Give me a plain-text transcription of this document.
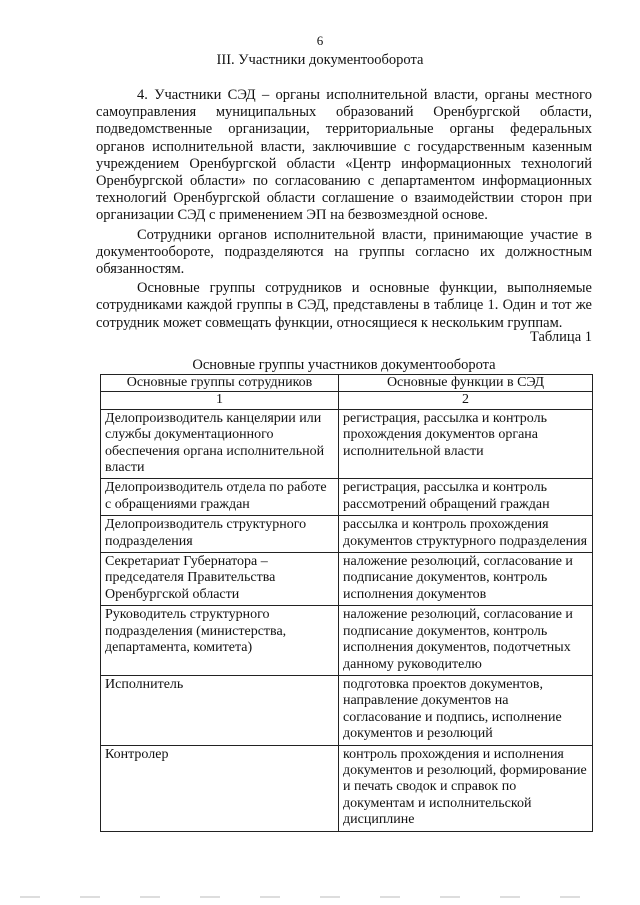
6
III. Участники документооборота

4. Участники СЭД – органы исполнительной власти, органы местного самоуправления муниципальных образований Оренбургской области, подведомственные организации, территориальные органы федеральных органов исполнительной власти, заключившие с государственным казенным учреждением Оренбургской области «Центр информационных технологий Оренбургской области» по согласованию с департаментом информационных технологий Оренбургской области соглашение о взаимодействии сторон при организации СЭД с применением ЭП на безвозмездной основе.

Сотрудники органов исполнительной власти, принимающие участие в документообороте, подразделяются на группы согласно их должностным обязанностям.

Основные группы сотрудников и основные функции, выполняемые сотрудниками каждой группы в СЭД, представлены в таблице 1. Один и тот же сотрудник может совмещать функции, относящиеся к нескольким группам.

Таблица 1
Основные группы участников документооборота
Основные группы сотрудников	Основные функции в СЭД
1	2
Делопроизводитель канцелярии или службы документационного обеспечения органа исполнительной власти	регистрация, рассылка и контроль прохождения документов органа исполнительной власти
Делопроизводитель отдела по работе с обращениями граждан	регистрация, рассылка и контроль рассмотрений обращений граждан
Делопроизводитель структурного подразделения	рассылка и контроль прохождения документов структурного подразделения
Секретариат Губернатора – председателя Правительства Оренбургской области	наложение резолюций, согласование и подписание документов, контроль исполнения документов
Руководитель структурного подразделения (министерства, департамента, комитета)	наложение резолюций, согласование и подписание документов, контроль исполнения документов, подотчетных данному руководителю
Исполнитель	подготовка проектов документов, направление документов на согласование и подпись, исполнение документов и резолюций
Контролер	контроль прохождения и исполнения документов и резолюций, формирование и печать сводок и справок по документам и исполнительской дисциплине
